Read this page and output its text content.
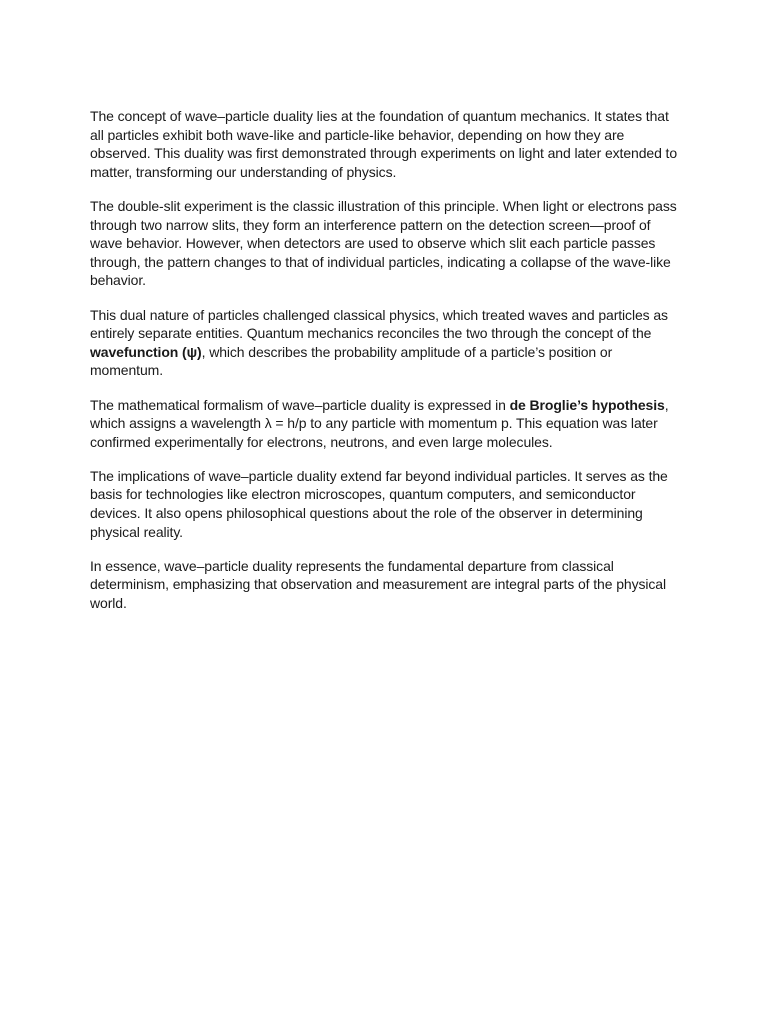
The concept of wave–particle duality lies at the foundation of quantum mechanics. It states that all particles exhibit both wave-like and particle-like behavior, depending on how they are observed. This duality was first demonstrated through experiments on light and later extended to matter, transforming our understanding of physics.

The double-slit experiment is the classic illustration of this principle. When light or electrons pass through two narrow slits, they form an interference pattern on the detection screen—proof of wave behavior. However, when detectors are used to observe which slit each particle passes through, the pattern changes to that of individual particles, indicating a collapse of the wave-like behavior.

This dual nature of particles challenged classical physics, which treated waves and particles as entirely separate entities. Quantum mechanics reconciles the two through the concept of the wavefunction (ψ), which describes the probability amplitude of a particle’s position or momentum.

The mathematical formalism of wave–particle duality is expressed in de Broglie’s hypothesis, which assigns a wavelength λ = h/p to any particle with momentum p. This equation was later confirmed experimentally for electrons, neutrons, and even large molecules.

The implications of wave–particle duality extend far beyond individual particles. It serves as the basis for technologies like electron microscopes, quantum computers, and semiconductor devices. It also opens philosophical questions about the role of the observer in determining physical reality.

In essence, wave–particle duality represents the fundamental departure from classical determinism, emphasizing that observation and measurement are integral parts of the physical world.
